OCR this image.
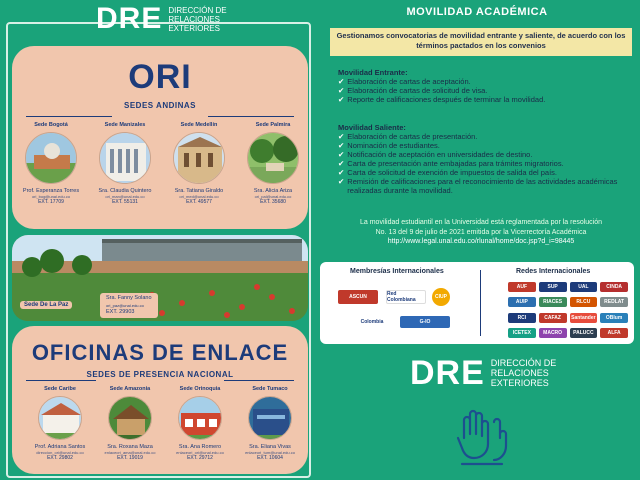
DRE DIRECCIÓN DE
RELACIONES
EXTERIORES
ORI
SEDES ANDINAS
Sede Bogotá
Prof. Esperanza Torres
ori_bog@unal.edu.co
EXT. 17709
Sede Manizales
Sra. Claudia Quintero
ori_man@unal.edu.co
EXT. 55131
Sede Medellín
Sra. Tatiana Giraldo
ori_med@unal.edu.co
EXT. 49577
Sede Palmira
Sra. Alicia Ariza
ori_pal@unal.edu.co
EXT. 35680
Sede De La Paz
Sra. Fanny Solano
ori_paz@unal.edu.co
EXT. 29903
OFICINAS DE ENLACE
SEDES DE PRESENCIA NACIONAL
Sede Caribe
Prof. Adriana Santos
direccion_ori@unal.edu.co
EXT. 29802
Sede Amazonia
Sra. Roxana Maza
enlaceori_ama@unal.edu.co
EXT. 19019
Sede Orinoquia
Sra. Ana Romero
enlaceori_ori@unal.edu.co
EXT. 29712
Sede Tumaco
Sra. Eliana Vivas
enlaceori_tum@unal.edu.co
EXT. 10604
MOVILIDAD ACADÉMICA
Gestionamos convocatorias de movilidad entrante y saliente, de acuerdo con los términos pactados en los convenios
Movilidad Entrante:
✔ Elaboración de cartas de aceptación.
✔ Elaboración de cartas de solicitud de visa.
✔ Reporte de calificaciones después de terminar la movilidad.
Movilidad Saliente:
✔ Elaboración de cartas de presentación.
✔ Nominación de estudiantes.
✔ Notificación de aceptación en universidades de destino.
✔ Carta de presentación ante embajadas para trámites migratorios.
✔ Carta de solicitud de exención de impuestos de salida del país.
✔ Remisión de calificaciones para el reconocimiento de las actividades académicas realizadas durante la movilidad.
La movilidad estudiantil en la Universidad está reglamentada por la resolución
No. 13 del 9 de julio de 2021 emitida por la Vicerrectoría Académica
http://www.legal.unal.edu.co/rlunal/home/doc.jsp?d_i=98445
Membresías Internacionales	Redes Internacionales
ASCUN	Red Colombiana	CIUP
Colombia	G-IO
AUF	SUP	UAL	CINDA
AUIP	RIACES	RLCU	REDLAT
RCI	CAFAZ	Santander	OBIum
ICETEX	MACRO	PALUCC	ALFA
DRE DIRECCIÓN DE
RELACIONES
EXTERIORES
